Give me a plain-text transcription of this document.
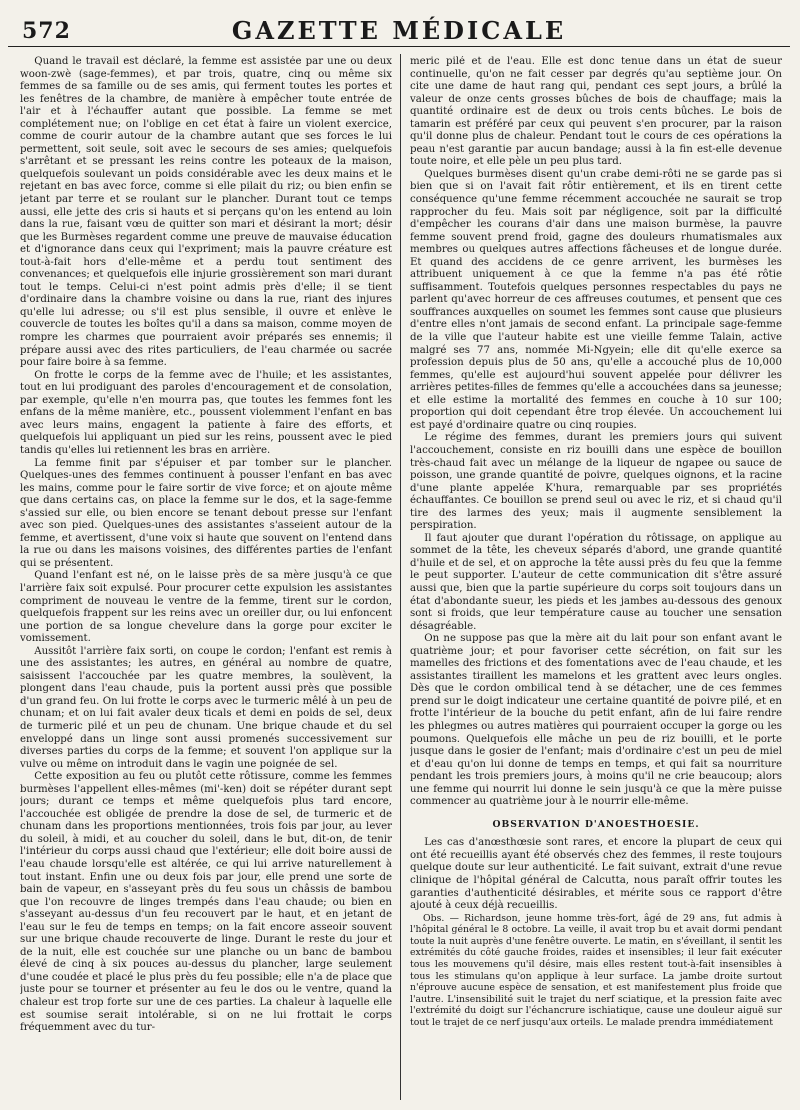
572	GAZETTE MÉDICALE

Quand le travail est déclaré, la femme est assistée par une ou deux woon-zwè (sage-femmes), et par trois, quatre, cinq ou même six femmes de sa famille ou de ses amis, qui ferment toutes les portes et les fenêtres de la chambre, de manière à empêcher toute entrée de l'air et à l'échauffer autant que possible. La femme se met complétement nue; on l'oblige en cet état à faire un violent exercice, comme de courir autour de la chambre autant que ses forces le lui permettent, soit seule, soit avec le secours de ses amies; quelquefois s'arrêtant et se pressant les reins contre les poteaux de la maison, quelquefois soulevant un poids considérable avec les deux mains et le rejetant en bas avec force, comme si elle pilait du riz; ou bien enfin se jetant par terre et se roulant sur le plancher. Durant tout ce temps aussi, elle jette des cris si hauts et si perçans qu'on les entend au loin dans la rue, faisant vœu de quitter son mari et désirant la mort; désir que les Burmèses regardent comme une preuve de mauvaise éducation et d'ignorance dans ceux qui l'expriment; mais la pauvre créature est tout-à-fait hors d'elle-même et a perdu tout sentiment des convenances; et quelquefois elle injurie grossièrement son mari durant tout le temps. Celui-ci n'est point admis près d'elle; il se tient d'ordinaire dans la chambre voisine ou dans la rue, riant des injures qu'elle lui adresse; ou s'il est plus sensible, il ouvre et enlève le couvercle de toutes les boîtes qu'il a dans sa maison, comme moyen de rompre les charmes que pourraient avoir préparés ses ennemis; il prépare aussi avec des rites particuliers, de l'eau charmée ou sacrée pour faire boire à sa femme.

On frotte le corps de la femme avec de l'huile; et les assistantes, tout en lui prodiguant des paroles d'encouragement et de consolation, par exemple, qu'elle n'en mourra pas, que toutes les femmes font les enfans de la même manière, etc., poussent violemment l'enfant en bas avec leurs mains, engagent la patiente à faire des efforts, et quelquefois lui appliquant un pied sur les reins, poussent avec le pied tandis qu'elles lui retiennent les bras en arrière.

La femme finit par s'épuiser et par tomber sur le plancher. Quelques-unes des femmes continuent à pousser l'enfant en bas avec les mains, comme pour le faire sortir de vive force; et on ajoute même que dans certains cas, on place la femme sur le dos, et la sage-femme s'assied sur elle, ou bien encore se tenant debout presse sur l'enfant avec son pied. Quelques-unes des assistantes s'asseient autour de la femme, et avertissent, d'une voix si haute que souvent on l'entend dans la rue ou dans les maisons voisines, des différentes parties de l'enfant qui se présentent.

Quand l'enfant est né, on le laisse près de sa mère jusqu'à ce que l'arrière faix soit expulsé. Pour procurer cette expulsion les assistantes compriment de nouveau le ventre de la femme, tirent sur le cordon, quelquefois frappent sur les reins avec un oreiller dur, ou lui enfoncent une portion de sa longue chevelure dans la gorge pour exciter le vomissement.

Aussitôt l'arrière faix sorti, on coupe le cordon; l'enfant est remis à une des assistantes; les autres, en général au nombre de quatre, saisissent l'accouchée par les quatre membres, la soulèvent, la plongent dans l'eau chaude, puis la portent aussi près que possible d'un grand feu. On lui frotte le corps avec le turmeric mêlé à un peu de chunam; et on lui fait avaler deux ticals et demi en poids de sel, deux de turmeric pilé et un peu de chunam. Une brique chaude et du sel enveloppé dans un linge sont aussi promenés successivement sur diverses parties du corps de la femme; et souvent l'on applique sur la vulve ou même on introduit dans le vagin une poignée de sel.

Cette exposition au feu ou plutôt cette rôtissure, comme les femmes burmèses l'appellent elles-mêmes (mi'-ken) doit se répéter durant sept jours; durant ce temps et même quelquefois plus tard encore, l'accouchée est obligée de prendre la dose de sel, de turmeric et de chunam dans les proportions mentionnées, trois fois par jour, au lever du soleil, à midi, et au coucher du soleil, dans le but, dit-on, de tenir l'intérieur du corps aussi chaud que l'extérieur; elle doit boire aussi de l'eau chaude lorsqu'elle est altérée, ce qui lui arrive naturellement à tout instant. Enfin une ou deux fois par jour, elle prend une sorte de bain de vapeur, en s'asseyant près du feu sous un châssis de bambou que l'on recouvre de linges trempés dans l'eau chaude; ou bien en s'asseyant au-dessus d'un feu recouvert par le haut, et en jetant de l'eau sur le feu de temps en temps; on la fait encore asseoir souvent sur une brique chaude recouverte de linge. Durant le reste du jour et de la nuit, elle est couchée sur une planche ou un banc de bambou élevé de cinq à six pouces au-dessus du plancher, large seulement d'une coudée et placé le plus près du feu possible; elle n'a de place que juste pour se tourner et présenter au feu le dos ou le ventre, quand la chaleur est trop forte sur une de ces parties. La chaleur à laquelle elle est soumise serait intolérable, si on ne lui frottait le corps fréquemment avec du tur-

meric pilé et de l'eau. Elle est donc tenue dans un état de sueur continuelle, qu'on ne fait cesser par degrés qu'au septième jour. On cite une dame de haut rang qui, pendant ces sept jours, a brûlé la valeur de onze cents grosses bûches de bois de chauffage; mais la quantité ordinaire est de deux ou trois cents bûches. Le bois de tamarin est préféré par ceux qui peuvent s'en procurer, par la raison qu'il donne plus de chaleur. Pendant tout le cours de ces opérations la peau n'est garantie par aucun bandage; aussi à la fin est-elle devenue toute noire, et elle pèle un peu plus tard.

Quelques burmèses disent qu'un crabe demi-rôti ne se garde pas si bien que si on l'avait fait rôtir entièrement, et ils en tirent cette conséquence qu'une femme récemment accouchée ne saurait se trop rapprocher du feu. Mais soit par négligence, soit par la difficulté d'empêcher les courans d'air dans une maison burmèse, la pauvre femme souvent prend froid, gagne des douleurs rhumatismales aux membres ou quelques autres affections fâcheuses et de longue durée. Et quand des accidens de ce genre arrivent, les burmèses les attribuent uniquement à ce que la femme n'a pas été rôtie suffisamment. Toutefois quelques personnes respectables du pays ne parlent qu'avec horreur de ces affreuses coutumes, et pensent que ces souffrances auxquelles on soumet les femmes sont cause que plusieurs d'entre elles n'ont jamais de second enfant. La principale sage-femme de la ville que l'auteur habite est une vieille femme Talain, active malgré ses 77 ans, nommée Mi-Ngyein; elle dit qu'elle exerce sa profession depuis plus de 50 ans, qu'elle a accouché plus de 10,000 femmes, qu'elle est aujourd'hui souvent appelée pour délivrer les arrières petites-filles de femmes qu'elle a accouchées dans sa jeunesse; et elle estime la mortalité des femmes en couche à 10 sur 100; proportion qui doit cependant être trop élevée. Un accouchement lui est payé d'ordinaire quatre ou cinq roupies.

Le régime des femmes, durant les premiers jours qui suivent l'accouchement, consiste en riz bouilli dans une espèce de bouillon très-chaud fait avec un mélange de la liqueur de ngapee ou sauce de poisson, une grande quantité de poivre, quelques oignons, et la racine d'une plante appelée K'hura, remarquable par ses propriétés échauffantes. Ce bouillon se prend seul ou avec le riz, et si chaud qu'il tire des larmes des yeux; mais il augmente sensiblement la perspiration.

Il faut ajouter que durant l'opération du rôtissage, on applique au sommet de la tête, les cheveux séparés d'abord, une grande quantité d'huile et de sel, et on approche la tête aussi près du feu que la femme le peut supporter. L'auteur de cette communication dit s'être assuré aussi que, bien que la partie supérieure du corps soit toujours dans un état d'abondante sueur, les pieds et les jambes au-dessous des genoux sont si froids, que leur température cause au toucher une sensation désagréable.

On ne suppose pas que la mère ait du lait pour son enfant avant le quatrième jour; et pour favoriser cette sécrétion, on fait sur les mamelles des frictions et des fomentations avec de l'eau chaude, et les assistantes tiraillent les mamelons et les grattent avec leurs ongles. Dès que le cordon ombilical tend à se détacher, une de ces femmes prend sur le doigt indicateur une certaine quantité de poivre pilé, et en frotte l'intérieur de la bouche du petit enfant, afin de lui faire rendre les phlegmes ou autres matières qui pourraient occuper la gorge ou les poumons. Quelquefois elle mâche un peu de riz bouilli, et le porte jusque dans le gosier de l'enfant; mais d'ordinaire c'est un peu de miel et d'eau qu'on lui donne de temps en temps, et qui fait sa nourriture pendant les trois premiers jours, à moins qu'il ne crie beaucoup; alors une femme qui nourrit lui donne le sein jusqu'à ce que la mère puisse commencer au quatrième jour à le nourrir elle-même.

OBSERVATION D'ANOESTHOESIE.

Les cas d'anœsthœsie sont rares, et encore la plupart de ceux qui ont été recueillis ayant été observés chez des femmes, il reste toujours quelque doute sur leur authenticité. Le fait suivant, extrait d'une revue clinique de l'hôpital général de Calcutta, nous paraît offrir toutes les garanties d'authenticité désirables, et mérite sous ce rapport d'être ajouté à ceux déjà recueillis.

Obs. — Richardson, jeune homme très-fort, âgé de 29 ans, fut admis à l'hôpital général le 8 octobre. La veille, il avait trop bu et avait dormi pendant toute la nuit auprès d'une fenêtre ouverte. Le matin, en s'éveillant, il sentit les extrémités du côté gauche froides, raides et insensibles; il leur fait exécuter tous les mouvemens qu'il désire, mais elles restent tout-à-fait insensibles à tous les stimulans qu'on applique à leur surface. La jambe droite surtout n'éprouve aucune espèce de sensation, et est manifestement plus froide que l'autre. L'insensibilité suit le trajet du nerf sciatique, et la pression faite avec l'extrémité du doigt sur l'échancrure ischiatique, cause une douleur aiguë sur tout le trajet de ce nerf jusqu'aux orteils. Le malade prendra immédiatement
